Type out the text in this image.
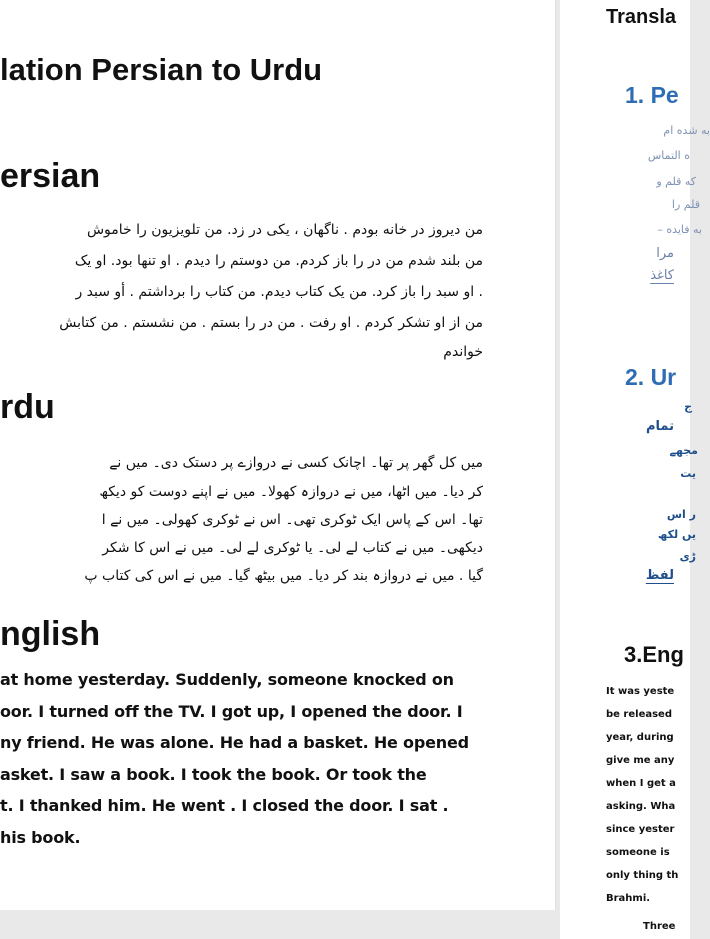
lation Persian to Urdu
ersian
من دیروز در خانه بودم . ناگهان ، یکی در زد. من تلویزیون را خاموش
من بلند شدم من در را باز کردم. من دوستم را دیدم . او تنها بود. او یک
. او سبد را باز کرد. من یک کتاب دیدم. من کتاب را برداشتم . أو سبد ر
من از او تشکر کردم . او رفت . من در را بستم . من نشستم . من کتابش
خواندم
rdu
میں کل گھر پر تھا۔ اچانک کسی نے دروازے پر دستک دی۔ میں نے
کر دیا۔ میں اٹھا، میں نے دروازہ کھولا۔ میں نے اپنے دوست کو دیکھ
تھا۔ اس کے پاس ایک ٹوکری تھی۔ اس نے ٹوکری کھولی۔ میں نے ا
دیکھی۔ میں نے کتاب لے لی۔ یا ٹوکری لے لی۔ میں نے اس کا شکر
گیا . میں نے دروازہ بند کر دیا۔ میں بیٹھ گیا۔ میں نے اس کی کتاب پ
nglish
at home yesterday. Suddenly, someone knocked on
oor. I turned off the TV. I got up, I opened the door. I
ny friend. He was alone. He had a basket. He opened
asket. I saw a book. I took the book. Or took the
t. I thanked him. He went . I closed the door. I sat .
his book.
Transla
1. Pe
به شده ام
ه التماس
که قلم و
قلم را
به فایده –
مرا
کاغذ
2. Ur
ج
تمام
مجھے
یت
ر اس
یں لکھ
ڑی
لفظ
3.Eng
It was yeste
be released
year, during
give me any
when I get a
asking. Wha
since yester
someone is
only thing th
Brahmi.
Three
